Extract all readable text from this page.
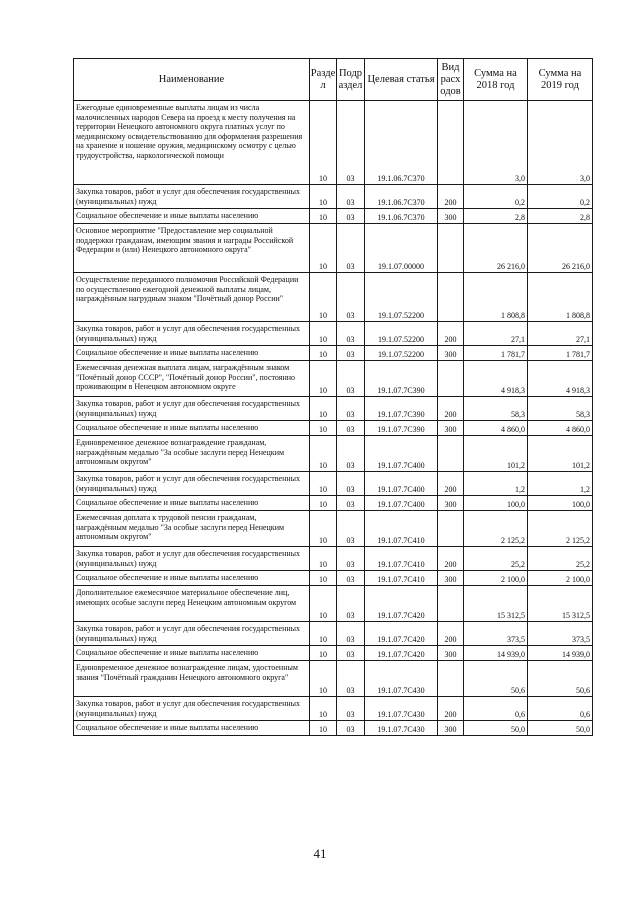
Наименование	Разде л	Подр аздел	Целевая статья	Вид расх одов	Сумма на 2018 год	Сумма на 2019 год

Ежегодные единовременные выплаты лицам из числа малочисленных народов Севера на проезд к месту получения на территории Ненецкого автономного округа платных услуг по медицинскому освидетельствованию для оформления разрешения на хранение и ношение оружия, медицинскому осмотру с целью трудоустройства, наркологической помощи	10	03	19.1.06.7С370		3,0	3,0

Закупка товаров, работ и услуг для обеспечения государственных (муниципальных) нужд	10	03	19.1.06.7С370	200	0,2	0,2

Социальное обеспечение и иные выплаты населению	10	03	19.1.06.7С370	300	2,8	2,8

Основное мероприятие "Предоставление мер социальной поддержки гражданам, имеющим звания и награды Российской Федерации и (или) Ненецкого автономного округа"	10	03	19.1.07.00000		26 216,0	26 216,0

Осуществление переданного полномочия Российской Федерации по осуществлению ежегодной денежной выплаты лицам, награждённым нагрудным знаком "Почётный донор России"	10	03	19.1.07.52200		1 808,8	1 808,8

Закупка товаров, работ и услуг для обеспечения государственных (муниципальных) нужд	10	03	19.1.07.52200	200	27,1	27,1

Социальное обеспечение и иные выплаты населению	10	03	19.1.07.52200	300	1 781,7	1 781,7

Ежемесячная денежная выплата лицам, награждённым знаком "Почётный донор СССР", "Почётный донор России", постоянно проживающим в Ненецком автономном округе	10	03	19.1.07.7С390		4 918,3	4 918,3

Закупка товаров, работ и услуг для обеспечения государственных (муниципальных) нужд	10	03	19.1.07.7С390	200	58,3	58,3

Социальное обеспечение и иные выплаты населению	10	03	19.1.07.7С390	300	4 860,0	4 860,0

Единовременное денежное вознаграждение гражданам, награждённым медалью "За особые заслуги перед Ненецким автономным округом"	10	03	19.1.07.7С400		101,2	101,2

Закупка товаров, работ и услуг для обеспечения государственных (муниципальных) нужд	10	03	19.1.07.7С400	200	1,2	1,2

Социальное обеспечение и иные выплаты населению	10	03	19.1.07.7С400	300	100,0	100,0

Ежемесячная доплата к трудовой пенсии гражданам, награждённым медалью "За особые заслуги перед Ненецким автономным округом"	10	03	19.1.07.7С410		2 125,2	2 125,2

Закупка товаров, работ и услуг для обеспечения государственных (муниципальных) нужд	10	03	19.1.07.7С410	200	25,2	25,2

Социальное обеспечение и иные выплаты населению	10	03	19.1.07.7С410	300	2 100,0	2 100,0

Дополнительное ежемесячное материальное обеспечение лиц, имеющих особые заслуги перед Ненецким автономным округом	10	03	19.1.07.7С420		15 312,5	15 312,5

Закупка товаров, работ и услуг для обеспечения государственных (муниципальных) нужд	10	03	19.1.07.7С420	200	373,5	373,5

Социальное обеспечение и иные выплаты населению	10	03	19.1.07.7С420	300	14 939,0	14 939,0

Единовременное денежное вознаграждение лицам, удостоенным звания "Почётный гражданин Ненецкого автономного округа"	10	03	19.1.07.7С430		50,6	50,6

Закупка товаров, работ и услуг для обеспечения государственных (муниципальных) нужд	10	03	19.1.07.7С430	200	0,6	0,6

Социальное обеспечение и иные выплаты населению	10	03	19.1.07.7С430	300	50,0	50,0
41
